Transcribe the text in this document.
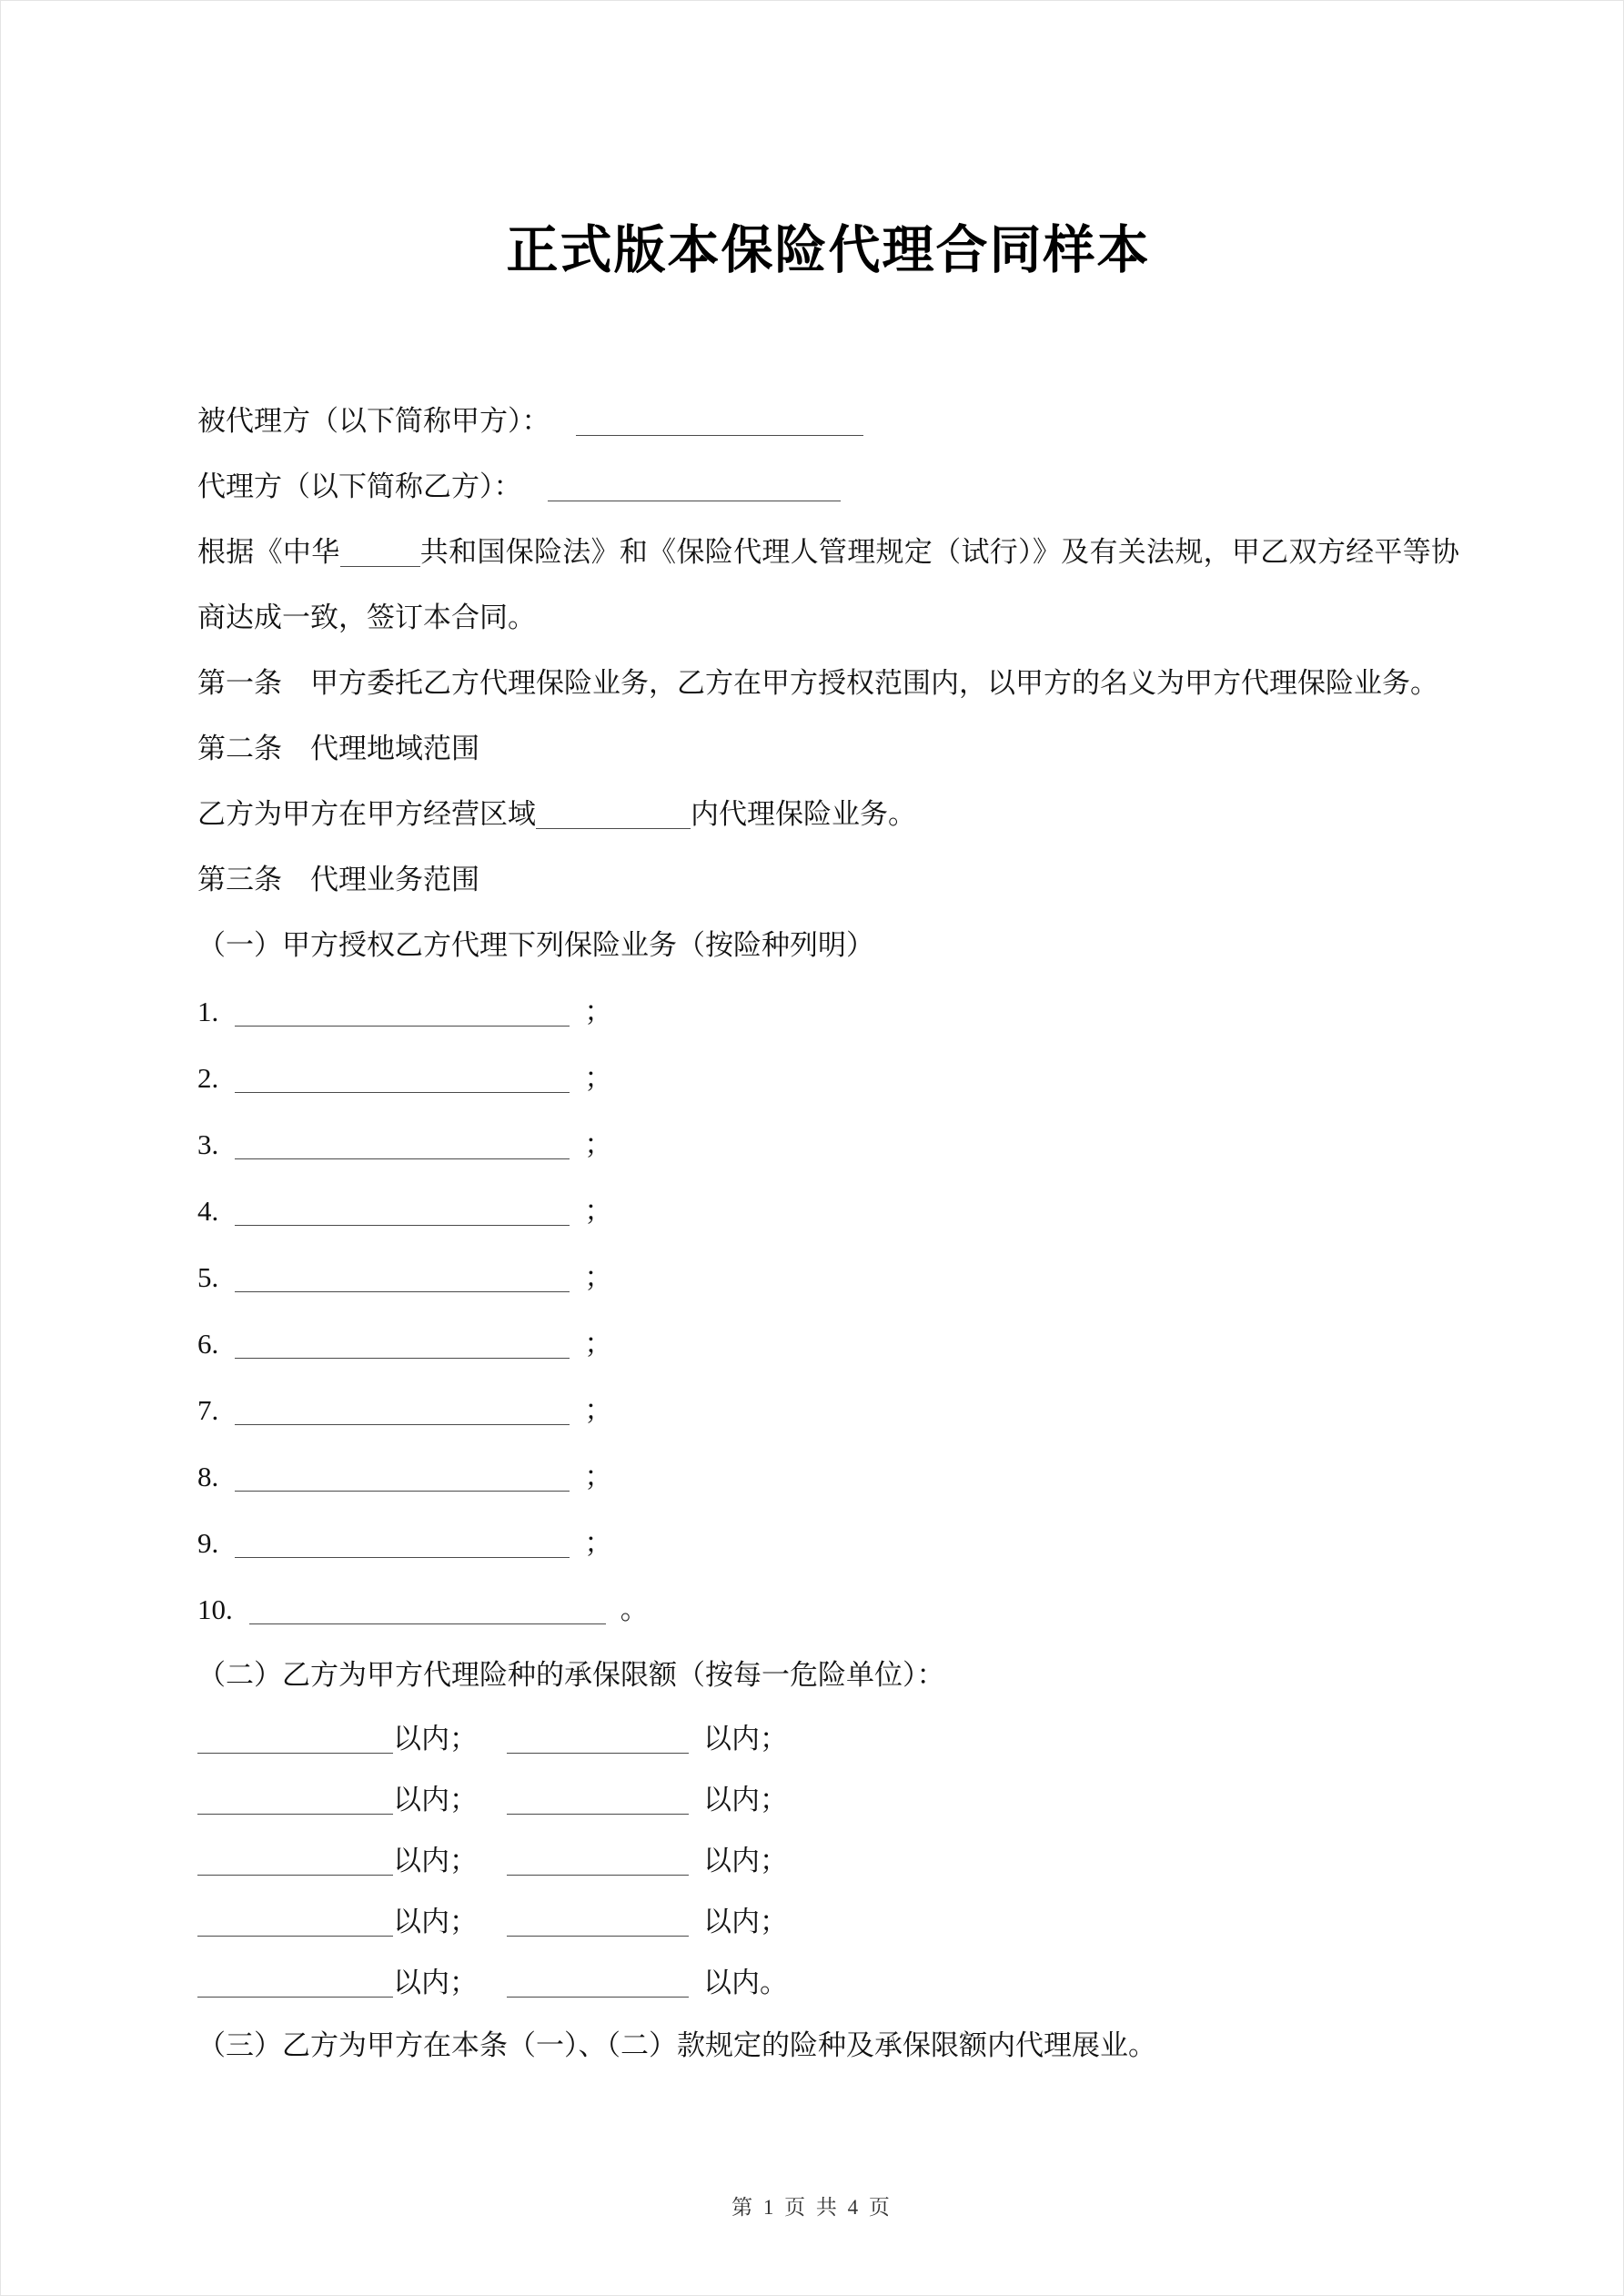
正式版本保险代理合同样本

被代理方（以下简称甲方）：

代理方（以下简称乙方）：

根据《中华	共和国保险法》和《保险代理人管理规定（试行）》及有关法规，甲乙双方经平等协商达成一致，签订本合同。

第一条　甲方委托乙方代理保险业务，乙方在甲方授权范围内，以甲方的名义为甲方代理保险业务。

第二条　代理地域范围

乙方为甲方在甲方经营区域	内代理保险业务。

第三条　代理业务范围

（一）甲方授权乙方代理下列保险业务（按险种列明）

1.	；

2.	；

3.	；

4.	；

5.	；

6.	；

7.	；

8.	；

9.	；

10.	。

（二）乙方为甲方代理险种的承保限额（按每一危险单位）：

以内；	以内；

以内；	以内；

以内；	以内；

以内；	以内；

以内；	以内。

（三）乙方为甲方在本条（一）、（二）款规定的险种及承保限额内代理展业。

第 1 页 共 4 页
